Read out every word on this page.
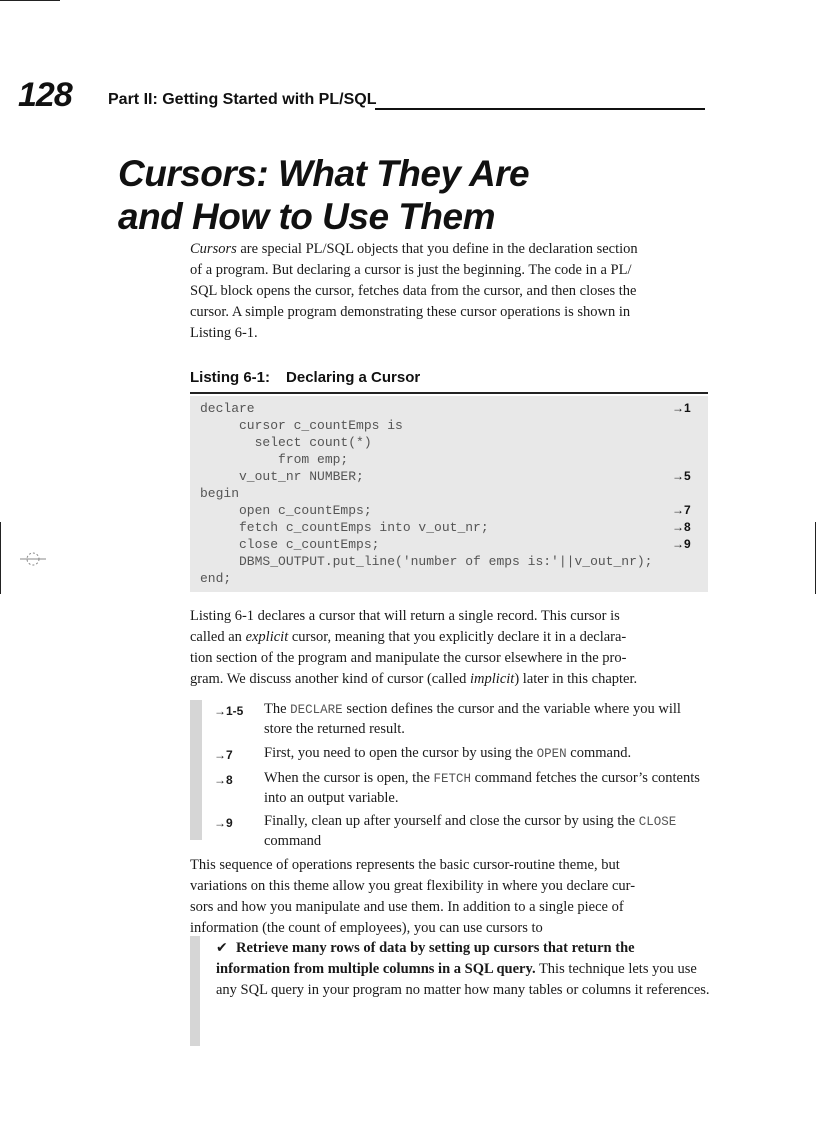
128 Part II: Getting Started with PL/SQL
Cursors: What They Are
and How to Use Them
Cursors are special PL/SQL objects that you define in the declaration section
of a program. But declaring a cursor is just the beginning. The code in a PL/
SQL block opens the cursor, fetches data from the cursor, and then closes the
cursor. A simple program demonstrating these cursor operations is shown in
Listing 6-1.
Listing 6-1: Declaring a Cursor
declare	→1
cursor c_countEmps is
select count(*)
from emp;
v_out_nr NUMBER;	→5
begin
open c_countEmps;	→7
fetch c_countEmps into v_out_nr;	→8
close c_countEmps;	→9
DBMS_OUTPUT.put_line('number of emps is:'||v_out_nr);
end;
Listing 6-1 declares a cursor that will return a single record. This cursor is
called an explicit cursor, meaning that you explicitly declare it in a declara-
tion section of the program and manipulate the cursor elsewhere in the pro-
gram. We discuss another kind of cursor (called implicit) later in this chapter.
→1-5	The DECLARE section defines the cursor and the variable where you will store the returned result.
→7	First, you need to open the cursor by using the OPEN command.
→8	When the cursor is open, the FETCH command fetches the cursor’s contents into an output variable.
→9	Finally, clean up after yourself and close the cursor by using the CLOSE command
This sequence of operations represents the basic cursor-routine theme, but
variations on this theme allow you great flexibility in where you declare cur-
sors and how you manipulate and use them. In addition to a single piece of
information (the count of employees), you can use cursors to
✔ Retrieve many rows of data by setting up cursors that return the information from multiple columns in a SQL query. This technique lets you use any SQL query in your program no matter how many tables or columns it references.
